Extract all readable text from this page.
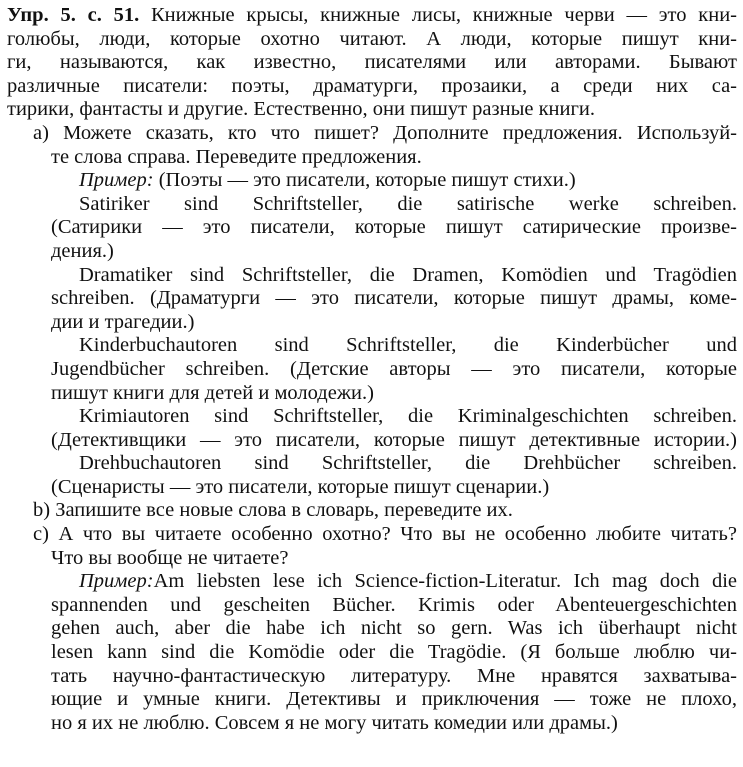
Упр. 5. с. 51. Книжные крысы, книжные лисы, книжные черви — это кни-
голюбы, люди, которые охотно читают. А люди, которые пишут кни-
ги, называются, как известно, писателями или авторами. Бывают
различные писатели: поэты, драматурги, прозаики, а среди них са-
тирики, фантасты и другие. Естественно, они пишут разные книги.
a) Можете сказать, кто что пишет? Дополните предложения. Используй-
те слова справа. Переведите предложения.
Пример: (Поэты — это писатели, которые пишут стихи.)
Satiriker sind Schriftsteller, die satirische werke schreiben.
(Сатирики — это писатели, которые пишут сатирические произве-
дения.)
Dramatiker sind Schriftsteller, die Dramen, Komödien und Tragödien
schreiben. (Драматурги — это писатели, которые пишут драмы, коме-
дии и трагедии.)
Kinderbuchautoren sind Schriftsteller, die Kinderbücher und
Jugendbücher schreiben. (Детские авторы — это писатели, которые
пишут книги для детей и молодежи.)
Krimiautoren sind Schriftsteller, die Kriminalgeschichten schreiben.
(Детективщики — это писатели, которые пишут детективные истории.)
Drehbuchautoren sind Schriftsteller, die Drehbücher schreiben.
(Сценаристы — это писатели, которые пишут сценарии.)
b) Запишите все новые слова в словарь, переведите их.
c) А что вы читаете особенно охотно? Что вы не особенно любите читать?
Что вы вообще не читаете?
Пример:Am liebsten lese ich Science-fiction-Literatur. Ich mag doch die
spannenden und gescheiten Bücher. Krimis oder Abenteuergeschichten
gehen auch, aber die habe ich nicht so gern. Was ich überhaupt nicht
lesen kann sind die Komödie oder die Tragödie. (Я больше люблю чи-
тать научно-фантастическую литературу. Мне нравятся захватыва-
ющие и умные книги. Детективы и приключения — тоже не плохо,
но я их не люблю. Совсем я не могу читать комедии или драмы.)
